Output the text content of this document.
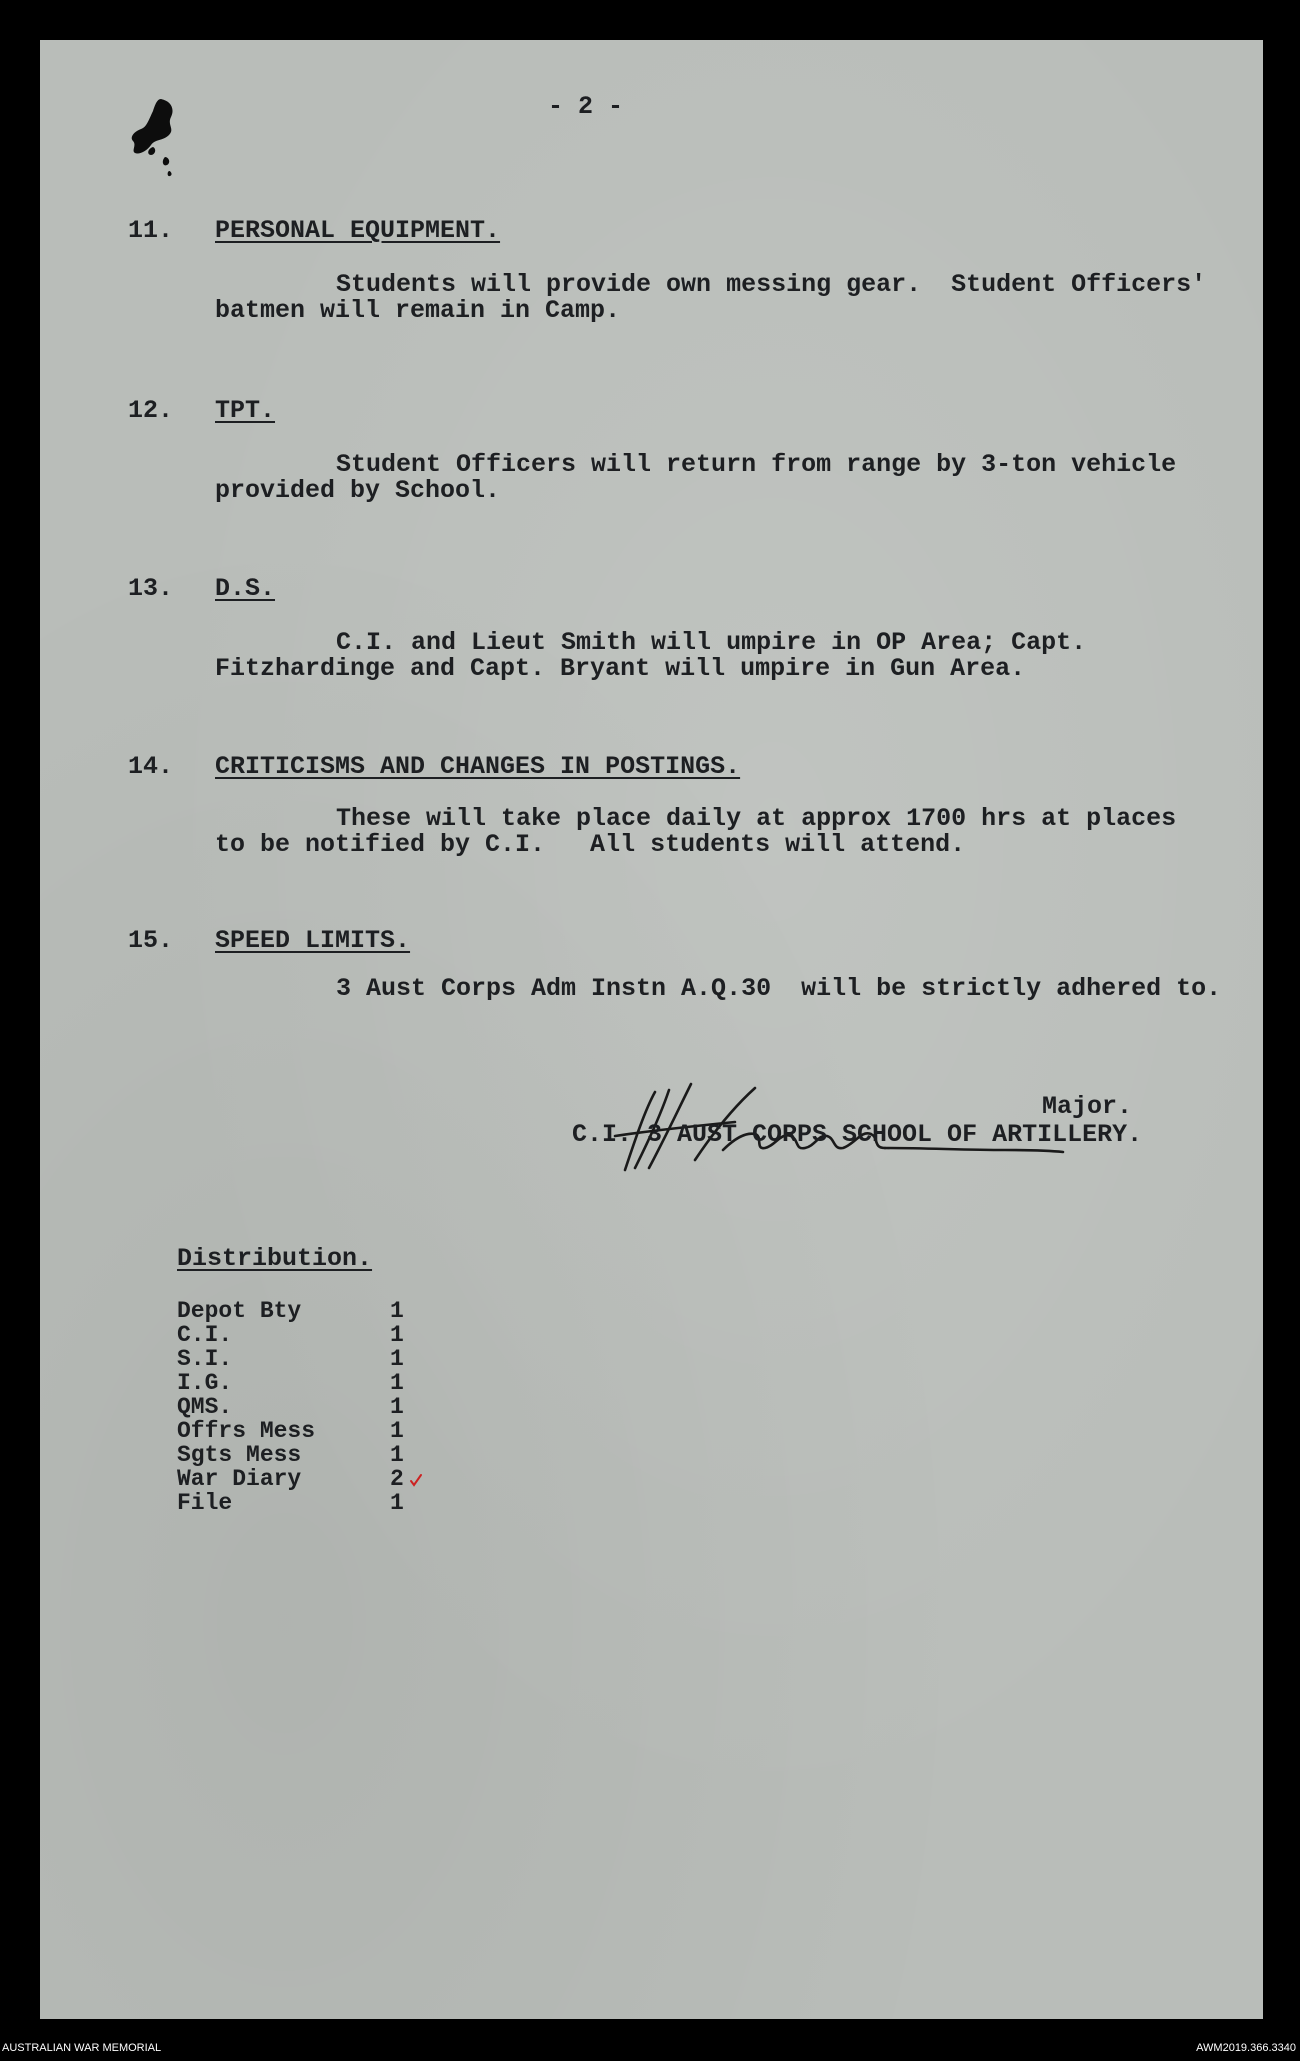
- 2 -
11. PERSONAL EQUIPMENT.
Students will provide own messing gear.  Student Officers'
batmen will remain in Camp.
12. TPT.
Student Officers will return from range by 3-ton vehicle
provided by School.
13. D.S.
C.I. and Lieut Smith will umpire in OP Area; Capt.
Fitzhardinge and Capt. Bryant will umpire in Gun Area.
14. CRITICISMS AND CHANGES IN POSTINGS.
These will take place daily at approx 1700 hrs at places
to be notified by C.I.   All students will attend.
15. SPEED LIMITS.
3 Aust Corps Adm Instn A.Q.30  will be strictly adhered to.
Major.
C.I. 3 AUST CORPS SCHOOL OF ARTILLERY.
Distribution.
Depot Bty	1
C.I.	1
S.I.	1
I.G.	1
QMS.	1
Offrs Mess	1
Sgts Mess	1
War Diary	2
File	1
AUSTRALIAN WAR MEMORIAL	AWM2019.366.3340
